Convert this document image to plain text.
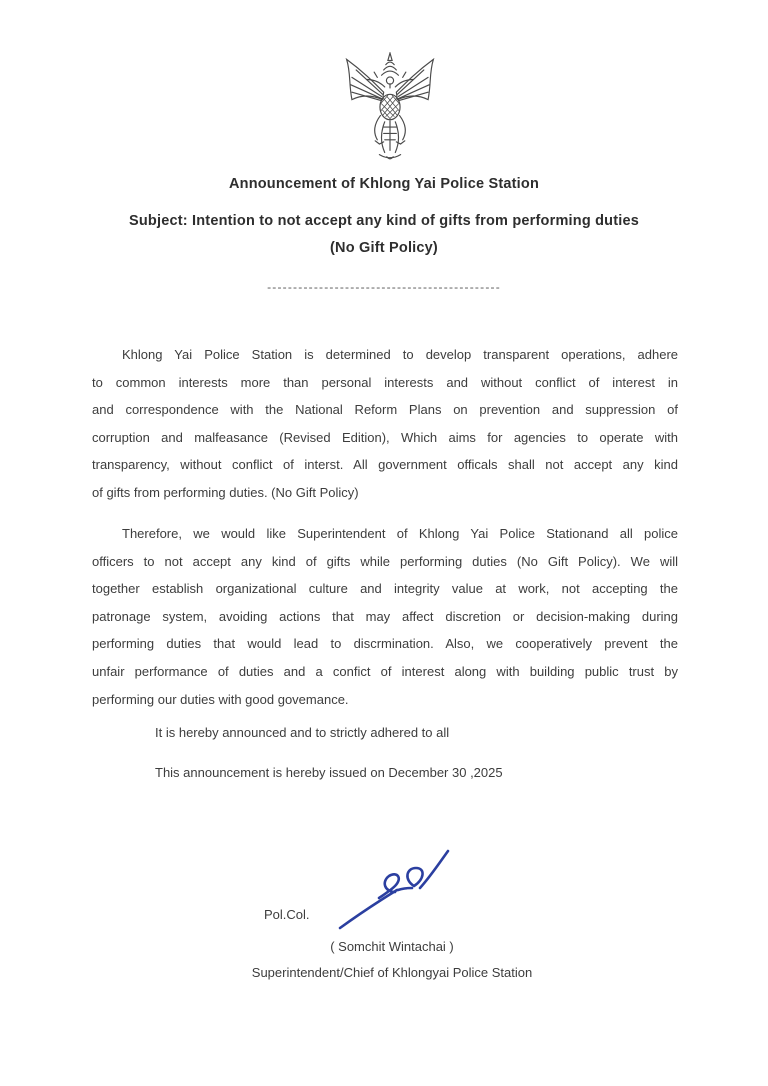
Announcement of Khlong Yai Police Station
Subject: Intention to not accept any kind of gifts from performing duties
(No Gift Policy)
---------------------------------------------
Khlong Yai Police Station is determined to develop transparent operations, adhere
to common interests more than personal interests and without conflict of interest in
and correspondence with the National Reform Plans on prevention and suppression of
corruption and malfeasance (Revised Edition), Which aims for agencies to operate with
transparency, without conflict of interst. All government officals shall not accept any kind
of gifts from performing duties. (No Gift Policy)
Therefore, we would like Superintendent of Khlong Yai Police Stationand all police
officers to not accept any kind of gifts while performing duties (No Gift Policy). We will
together establish organizational culture and integrity value at work, not accepting the
patronage system, avoiding actions that may affect discretion or decision-making during
performing duties that would lead to discrmination. Also, we cooperatively prevent the
unfair performance of duties and a confict of interest along with building public trust by
performing our duties with good govemance.
It is hereby announced and to strictly adhered to all
This announcement is hereby issued on December 30 ,2025
Pol.Col.
( Somchit Wintachai )
Superintendent/Chief of Khlongyai Police Station
